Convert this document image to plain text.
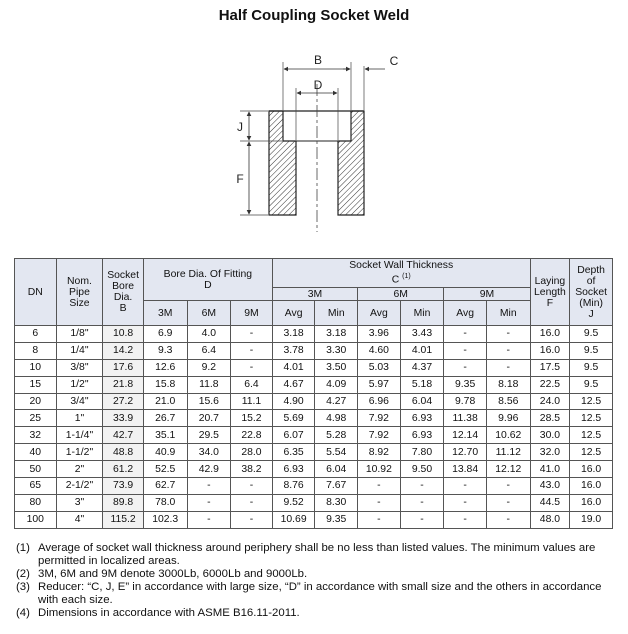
Half Coupling Socket Weld
B
D
C
J
F
DN	Nom.
Pipe
Size	Socket
Bore
Dia.
B	Bore Dia. Of Fitting
D			Socket Wall Thickness
C $^{(1)}$						Laying
Length
F	Depth
of
Socket
(Min)
J
						3M		6M		9M			
			3M	6M	9M	Avg	Min	Avg	Min	Avg	Min		
6	1/8"	10.8	6.9	4.0	-	3.18	3.18	3.96	3.43	-	-	16.0	9.5
8	1/4"	14.2	9.3	6.4	-	3.78	3.30	4.60	4.01	-	-	16.0	9.5
10	3/8"	17.6	12.6	9.2	-	4.01	3.50	5.03	4.37	-	-	17.5	9.5
15	1/2"	21.8	15.8	11.8	6.4	4.67	4.09	5.97	5.18	9.35	8.18	22.5	9.5
20	3/4"	27.2	21.0	15.6	11.1	4.90	4.27	6.96	6.04	9.78	8.56	24.0	12.5
25	1"	33.9	26.7	20.7	15.2	5.69	4.98	7.92	6.93	11.38	9.96	28.5	12.5
32	1-1/4"	42.7	35.1	29.5	22.8	6.07	5.28	7.92	6.93	12.14	10.62	30.0	12.5
40	1-1/2"	48.8	40.9	34.0	28.0	6.35	5.54	8.92	7.80	12.70	11.12	32.0	12.5
50	2"	61.2	52.5	42.9	38.2	6.93	6.04	10.92	9.50	13.84	12.12	41.0	16.0
65	2-1/2"	73.9	62.7	-	-	8.76	7.67	-	-	-	-	43.0	16.0
80	3"	89.8	78.0	-	-	9.52	8.30	-	-	-	-	44.5	16.0
100	4"	115.2	102.3	-	-	10.69	9.35	-	-	-	-	48.0	19.0
(1) Average of socket wall thickness around periphery shall be no less than listed values. The minimum values are permitted in localized areas.
(2) 3M, 6M and 9M denote 3000Lb, 6000Lb and 9000Lb.
(3) Reducer: “C, J, E” in accordance with large size, “D” in accordance with small size and the others in accordance with each size.
(4) Dimensions in accordance with ASME B16.11-2011.
